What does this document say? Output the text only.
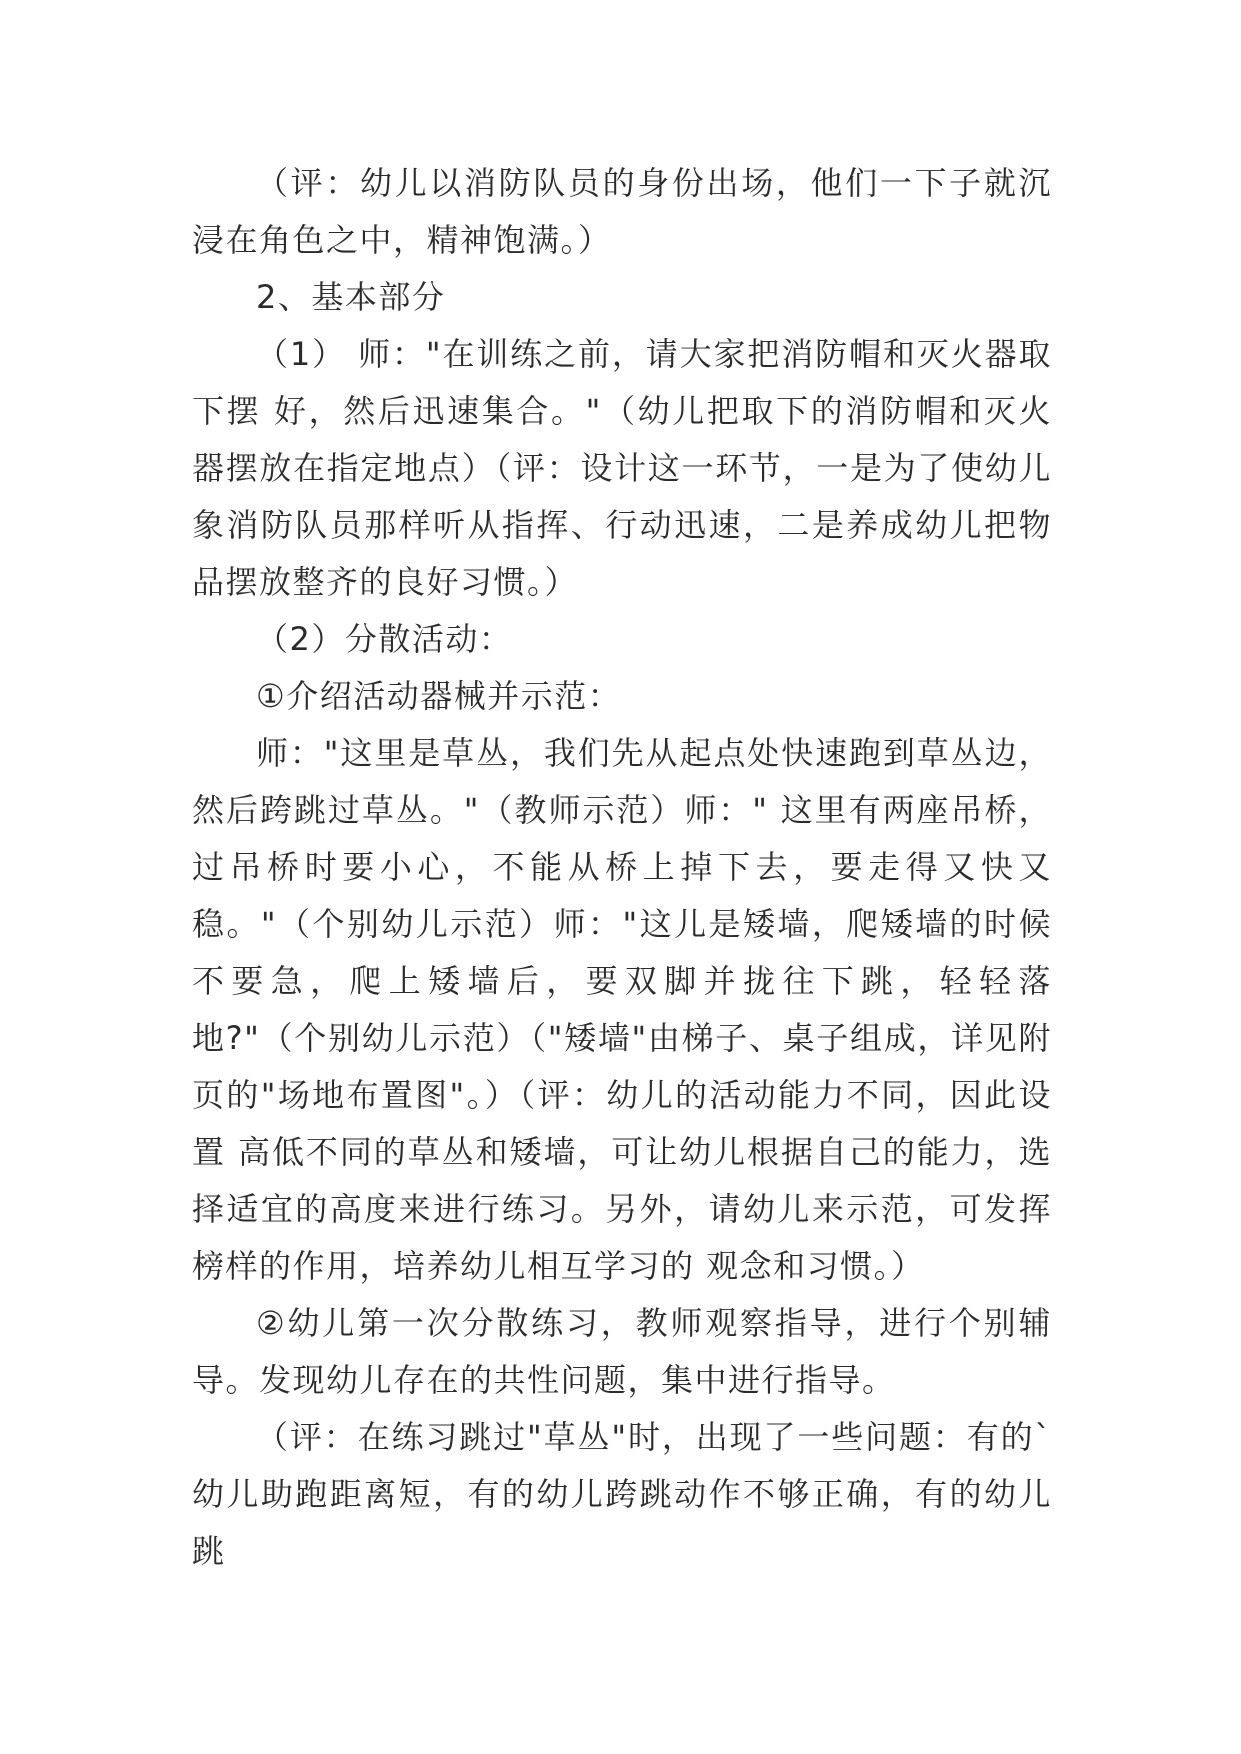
（评：幼儿以消防队员的身份出场，他们一下子就沉浸在角色之中，精神饱满。）

2、基本部分

（1） 师："在训练之前，请大家把消防帽和灭火器取下摆 好，然后迅速集合。"（幼儿把取下的消防帽和灭火器摆放在指定地点）（评：设计这一环节，一是为了使幼儿象消防队员那样听从指挥、行动迅速，二是养成幼儿把物品摆放整齐的良好习惯。）

（2）分散活动：

①介绍活动器械并示范：

师："这里是草丛，我们先从起点处快速跑到草丛边，然后跨跳过草丛。"（教师示范）师：" 这里有两座吊桥，过吊桥时要小心，不能从桥上掉下去，要走得又快又稳。"（个别幼儿示范）师："这儿是矮墙，爬矮墙的时候不要急，爬上矮墙后，要双脚并拢往下跳，轻轻落地?"（个别幼儿示范）（"矮墙"由梯子、桌子组成，详见附页的"场地布置图"。）（评：幼儿的活动能力不同，因此设置 高低不同的草丛和矮墙，可让幼儿根据自己的能力，选择适宜的高度来进行练习。另外，请幼儿来示范，可发挥榜样的作用，培养幼儿相互学习的 观念和习惯。）

②幼儿第一次分散练习，教师观察指导，进行个别辅导。发现幼儿存在的共性问题，集中进行指导。

（评：在练习跳过"草丛"时，出现了一些问题：有的`幼儿助跑距离短，有的幼儿跨跳动作不够正确，有的幼儿跳
